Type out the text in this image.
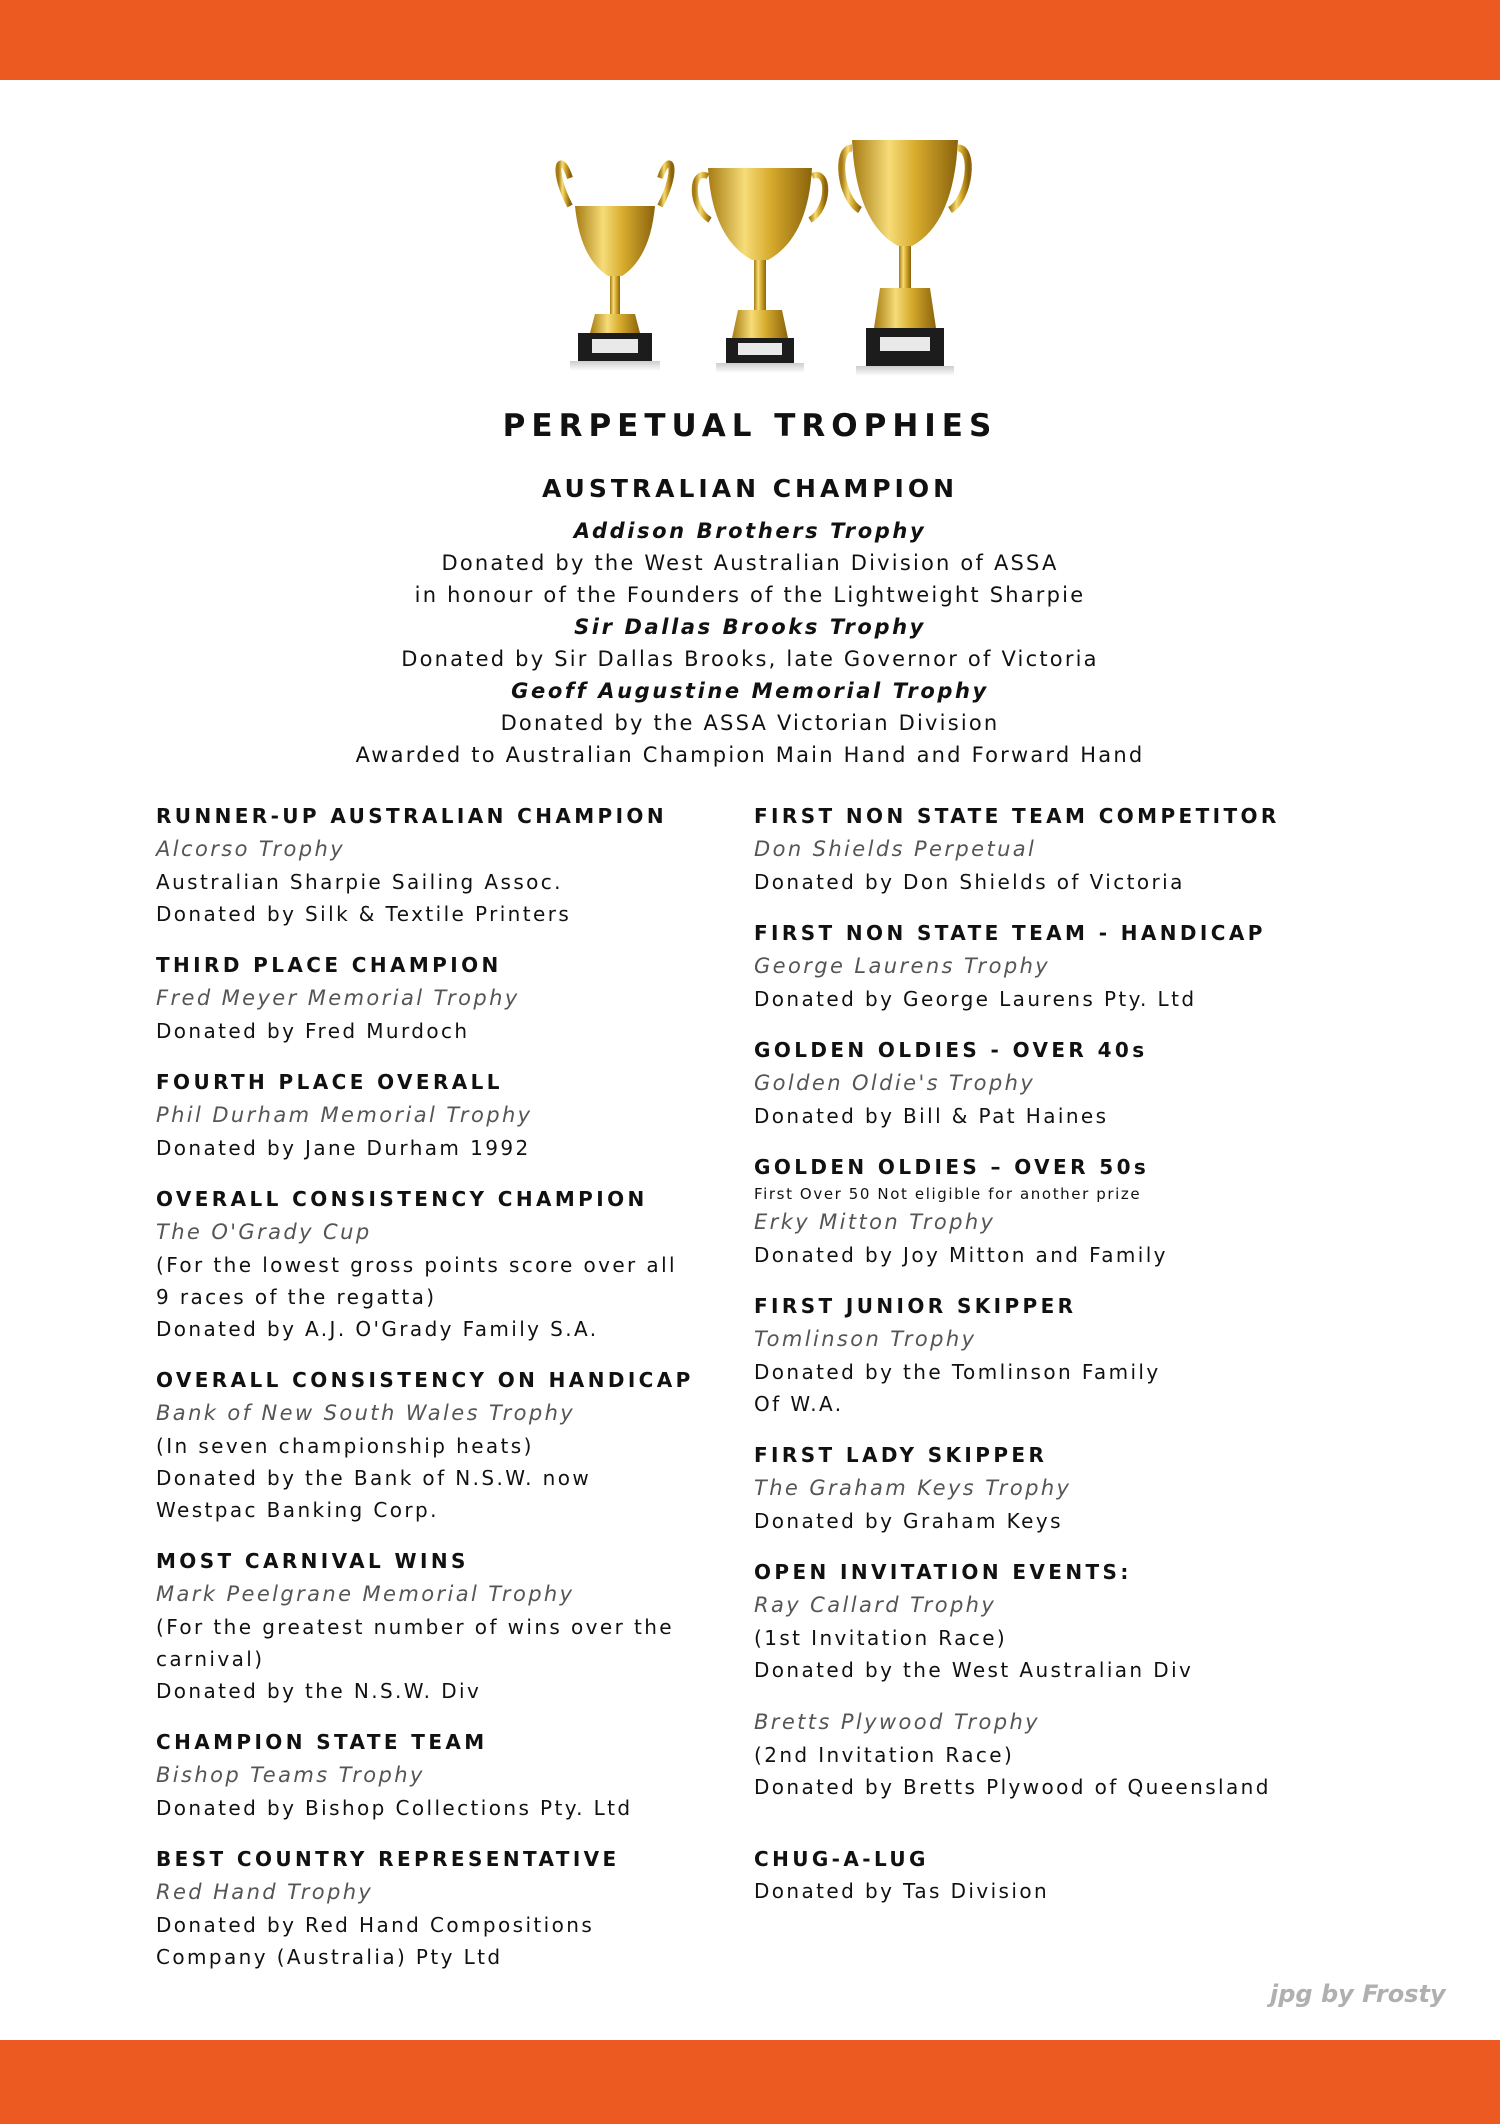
PERPETUAL TROPHIES
AUSTRALIAN CHAMPION
Addison Brothers Trophy
Donated by the West Australian Division of ASSA
in honour of the Founders of the Lightweight Sharpie
Sir Dallas Brooks Trophy
Donated by Sir Dallas Brooks, late Governor of Victoria
Geoff Augustine Memorial Trophy
Donated by the ASSA Victorian Division
Awarded to Australian Champion Main Hand and Forward Hand
RUNNER-UP AUSTRALIAN CHAMPION
Alcorso Trophy
Australian Sharpie Sailing Assoc.
Donated by Silk & Textile Printers
THIRD PLACE CHAMPION
Fred Meyer Memorial Trophy
Donated by Fred Murdoch
FOURTH PLACE OVERALL
Phil Durham Memorial Trophy
Donated by Jane Durham 1992
OVERALL CONSISTENCY CHAMPION
The O'Grady Cup
(For the lowest gross points score over all
9 races of the regatta)
Donated by A.J. O'Grady Family S.A.
OVERALL CONSISTENCY ON HANDICAP
Bank of New South Wales Trophy
(In seven championship heats)
Donated by the Bank of N.S.W. now
Westpac Banking Corp.
MOST CARNIVAL WINS
Mark Peelgrane Memorial Trophy
(For the greatest number of wins over the
carnival)
Donated by the N.S.W. Div
CHAMPION STATE TEAM
Bishop Teams Trophy
Donated by Bishop Collections Pty. Ltd
BEST COUNTRY REPRESENTATIVE
Red Hand Trophy
Donated by Red Hand Compositions
Company (Australia) Pty Ltd
FIRST NON STATE TEAM COMPETITOR
Don Shields Perpetual
Donated by Don Shields of Victoria
FIRST NON STATE TEAM - HANDICAP
George Laurens Trophy
Donated by George Laurens Pty. Ltd
GOLDEN OLDIES - OVER 40s
Golden Oldie's Trophy
Donated by Bill & Pat Haines
GOLDEN OLDIES – OVER 50s
First Over 50 Not eligible for another prize
Erky Mitton Trophy
Donated by Joy Mitton and Family
FIRST JUNIOR SKIPPER
Tomlinson Trophy
Donated by the Tomlinson Family
Of W.A.
FIRST LADY SKIPPER
The Graham Keys Trophy
Donated by Graham Keys
OPEN INVITATION EVENTS:
Ray Callard Trophy
(1st Invitation Race)
Donated by the West Australian Div
Bretts Plywood Trophy
(2nd Invitation Race)
Donated by Bretts Plywood of Queensland
CHUG-A-LUG
Donated by Tas Division
jpg by Frosty
